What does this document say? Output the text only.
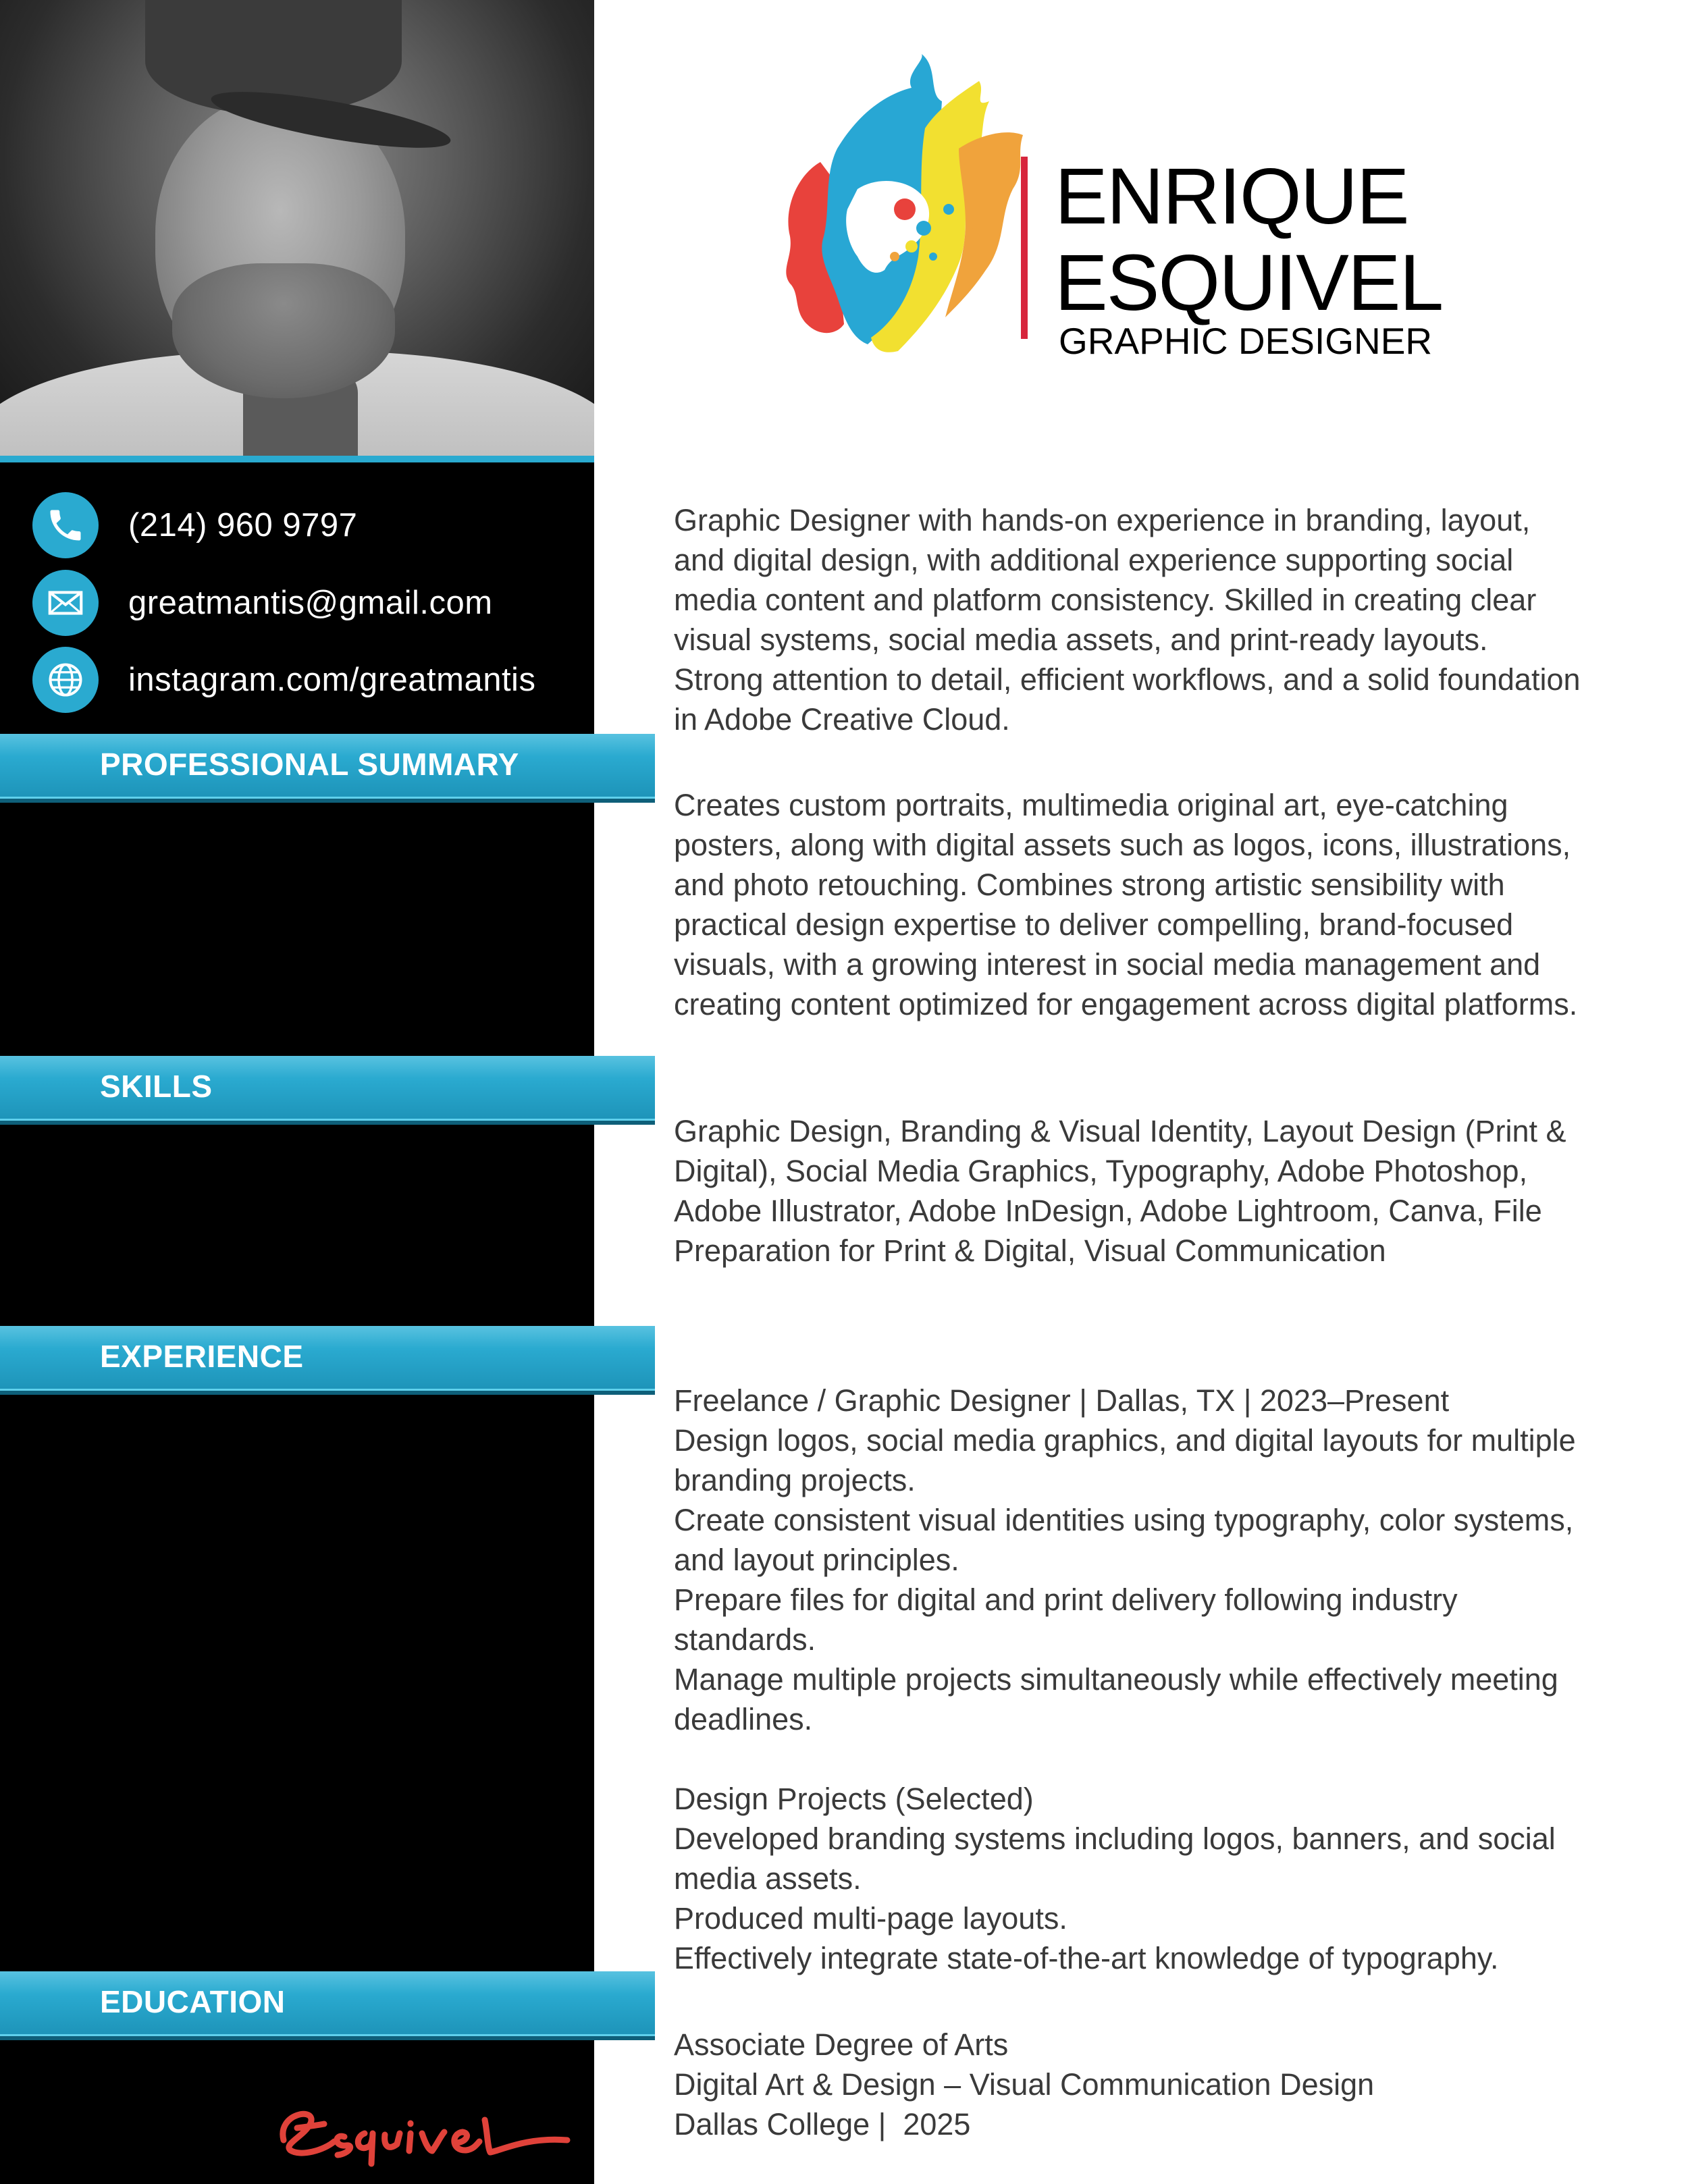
(214) 960 9797
greatmantis@gmail.com
instagram.com/greatmantis
PROFESSIONAL SUMMARY
SKILLS
EXPERIENCE
EDUCATION
ENRIQUE
ESQUIVEL
GRAPHIC DESIGNER
Graphic Designer with hands-on experience in branding, layout, and digital design, with additional experience supporting social media content and platform consistency. Skilled in creating clear visual systems, social media assets, and print-ready layouts. Strong attention to detail, efficient workflows, and a solid foundation in Adobe Creative Cloud.
Creates custom portraits, multimedia original art, eye-catching posters, along with digital assets such as logos, icons, illustrations, and photo retouching. Combines strong artistic sensibility with practical design expertise to deliver compelling, brand-focused visuals, with a growing interest in social media management and creating content optimized for engagement across digital platforms.
Graphic Design, Branding & Visual Identity, Layout Design (Print & Digital), Social Media Graphics, Typography, Adobe Photoshop, Adobe Illustrator, Adobe InDesign, Adobe Lightroom, Canva, File Preparation for Print & Digital, Visual Communication
Freelance / Graphic Designer | Dallas, TX | 2023–Present
Design logos, social media graphics, and digital layouts for multiple branding projects.
Create consistent visual identities using typography, color systems, and layout principles.
Prepare files for digital and print delivery following industry standards.
Manage multiple projects simultaneously while effectively meeting deadlines.
Design Projects (Selected)
Developed branding systems including logos, banners, and social media assets.
Produced multi-page layouts.
Effectively integrate state-of-the-art knowledge of typography.
Associate Degree of Arts
Digital Art & Design – Visual Communication Design
Dallas College |  2025
